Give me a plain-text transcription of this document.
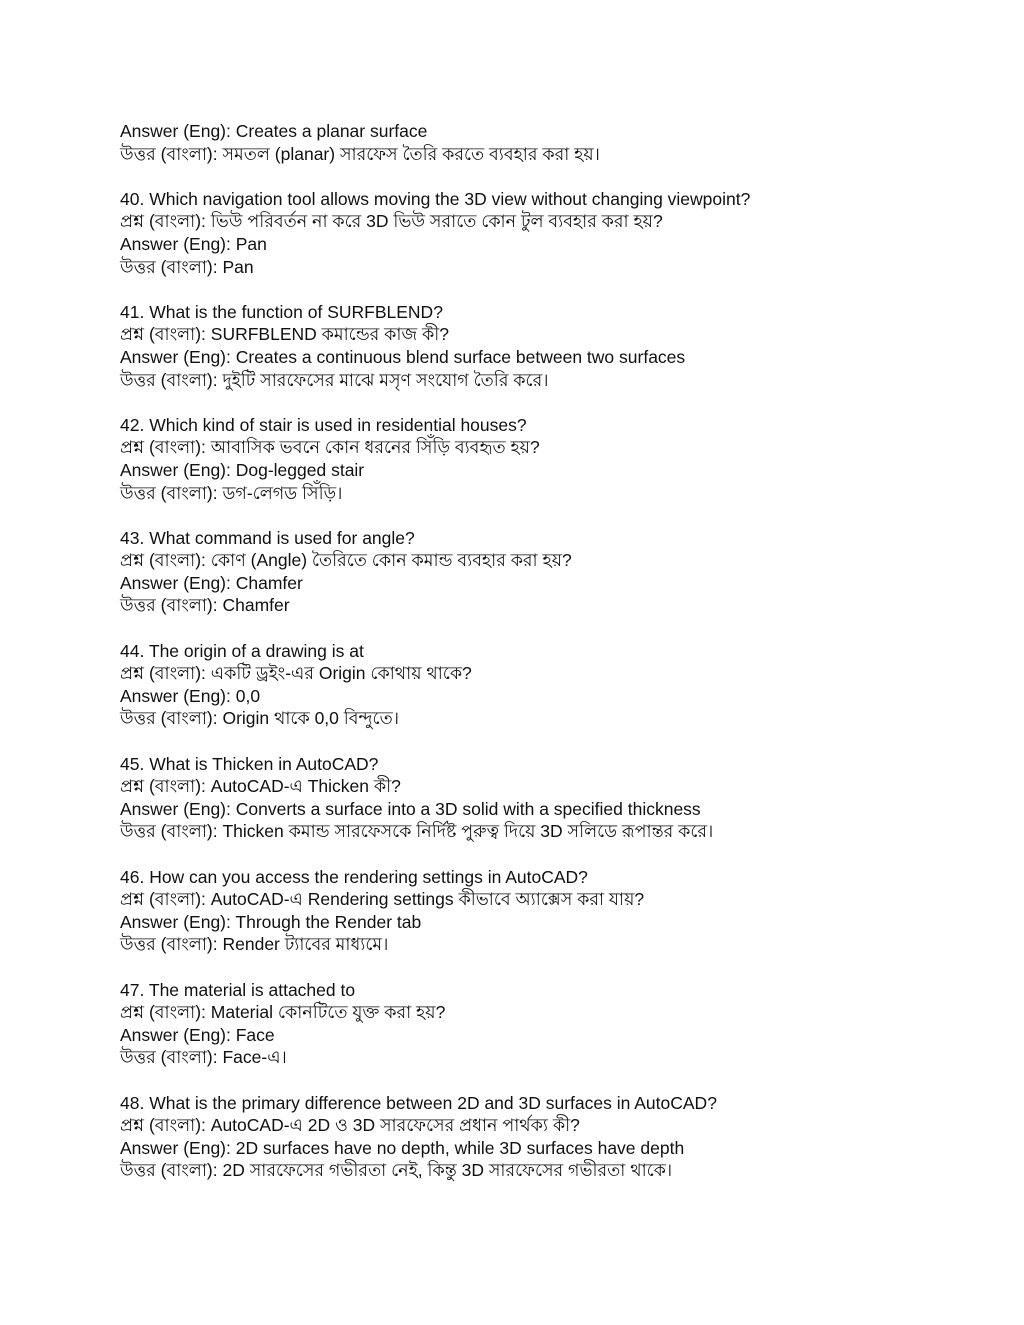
Answer (Eng): Creates a planar surface
উত্তর (বাংলা): সমতল (planar) সারফেস তৈরি করতে ব্যবহার করা হয়।
40. Which navigation tool allows moving the 3D view without changing viewpoint?
প্রশ্ন (বাংলা): ভিউ পরিবর্তন না করে 3D ভিউ সরাতে কোন টুল ব্যবহার করা হয়?
Answer (Eng): Pan
উত্তর (বাংলা): Pan
41. What is the function of SURFBLEND?
প্রশ্ন (বাংলা): SURFBLEND কমান্ডের কাজ কী?
Answer (Eng): Creates a continuous blend surface between two surfaces
উত্তর (বাংলা): দুইটি সারফেসের মাঝে মসৃণ সংযোগ তৈরি করে।
42. Which kind of stair is used in residential houses?
প্রশ্ন (বাংলা): আবাসিক ভবনে কোন ধরনের সিঁড়ি ব্যবহৃত হয়?
Answer (Eng): Dog-legged stair
উত্তর (বাংলা): ডগ-লেগড সিঁড়ি।
43. What command is used for angle?
প্রশ্ন (বাংলা): কোণ (Angle) তৈরিতে কোন কমান্ড ব্যবহার করা হয়?
Answer (Eng): Chamfer
উত্তর (বাংলা): Chamfer
44. The origin of a drawing is at
প্রশ্ন (বাংলা): একটি ড্রইং-এর Origin কোথায় থাকে?
Answer (Eng): 0,0
উত্তর (বাংলা): Origin থাকে 0,0 বিন্দুতে।
45. What is Thicken in AutoCAD?
প্রশ্ন (বাংলা): AutoCAD-এ Thicken কী?
Answer (Eng): Converts a surface into a 3D solid with a specified thickness
উত্তর (বাংলা): Thicken কমান্ড সারফেসকে নির্দিষ্ট পুরুত্ব দিয়ে 3D সলিডে রূপান্তর করে।
46. How can you access the rendering settings in AutoCAD?
প্রশ্ন (বাংলা): AutoCAD-এ Rendering settings কীভাবে অ্যাক্সেস করা যায়?
Answer (Eng): Through the Render tab
উত্তর (বাংলা): Render ট্যাবের মাধ্যমে।
47. The material is attached to
প্রশ্ন (বাংলা): Material কোনটিতে যুক্ত করা হয়?
Answer (Eng): Face
উত্তর (বাংলা): Face-এ।
48. What is the primary difference between 2D and 3D surfaces in AutoCAD?
প্রশ্ন (বাংলা): AutoCAD-এ 2D ও 3D সারফেসের প্রধান পার্থক্য কী?
Answer (Eng): 2D surfaces have no depth, while 3D surfaces have depth
উত্তর (বাংলা): 2D সারফেসের গভীরতা নেই, কিন্তু 3D সারফেসের গভীরতা থাকে।
